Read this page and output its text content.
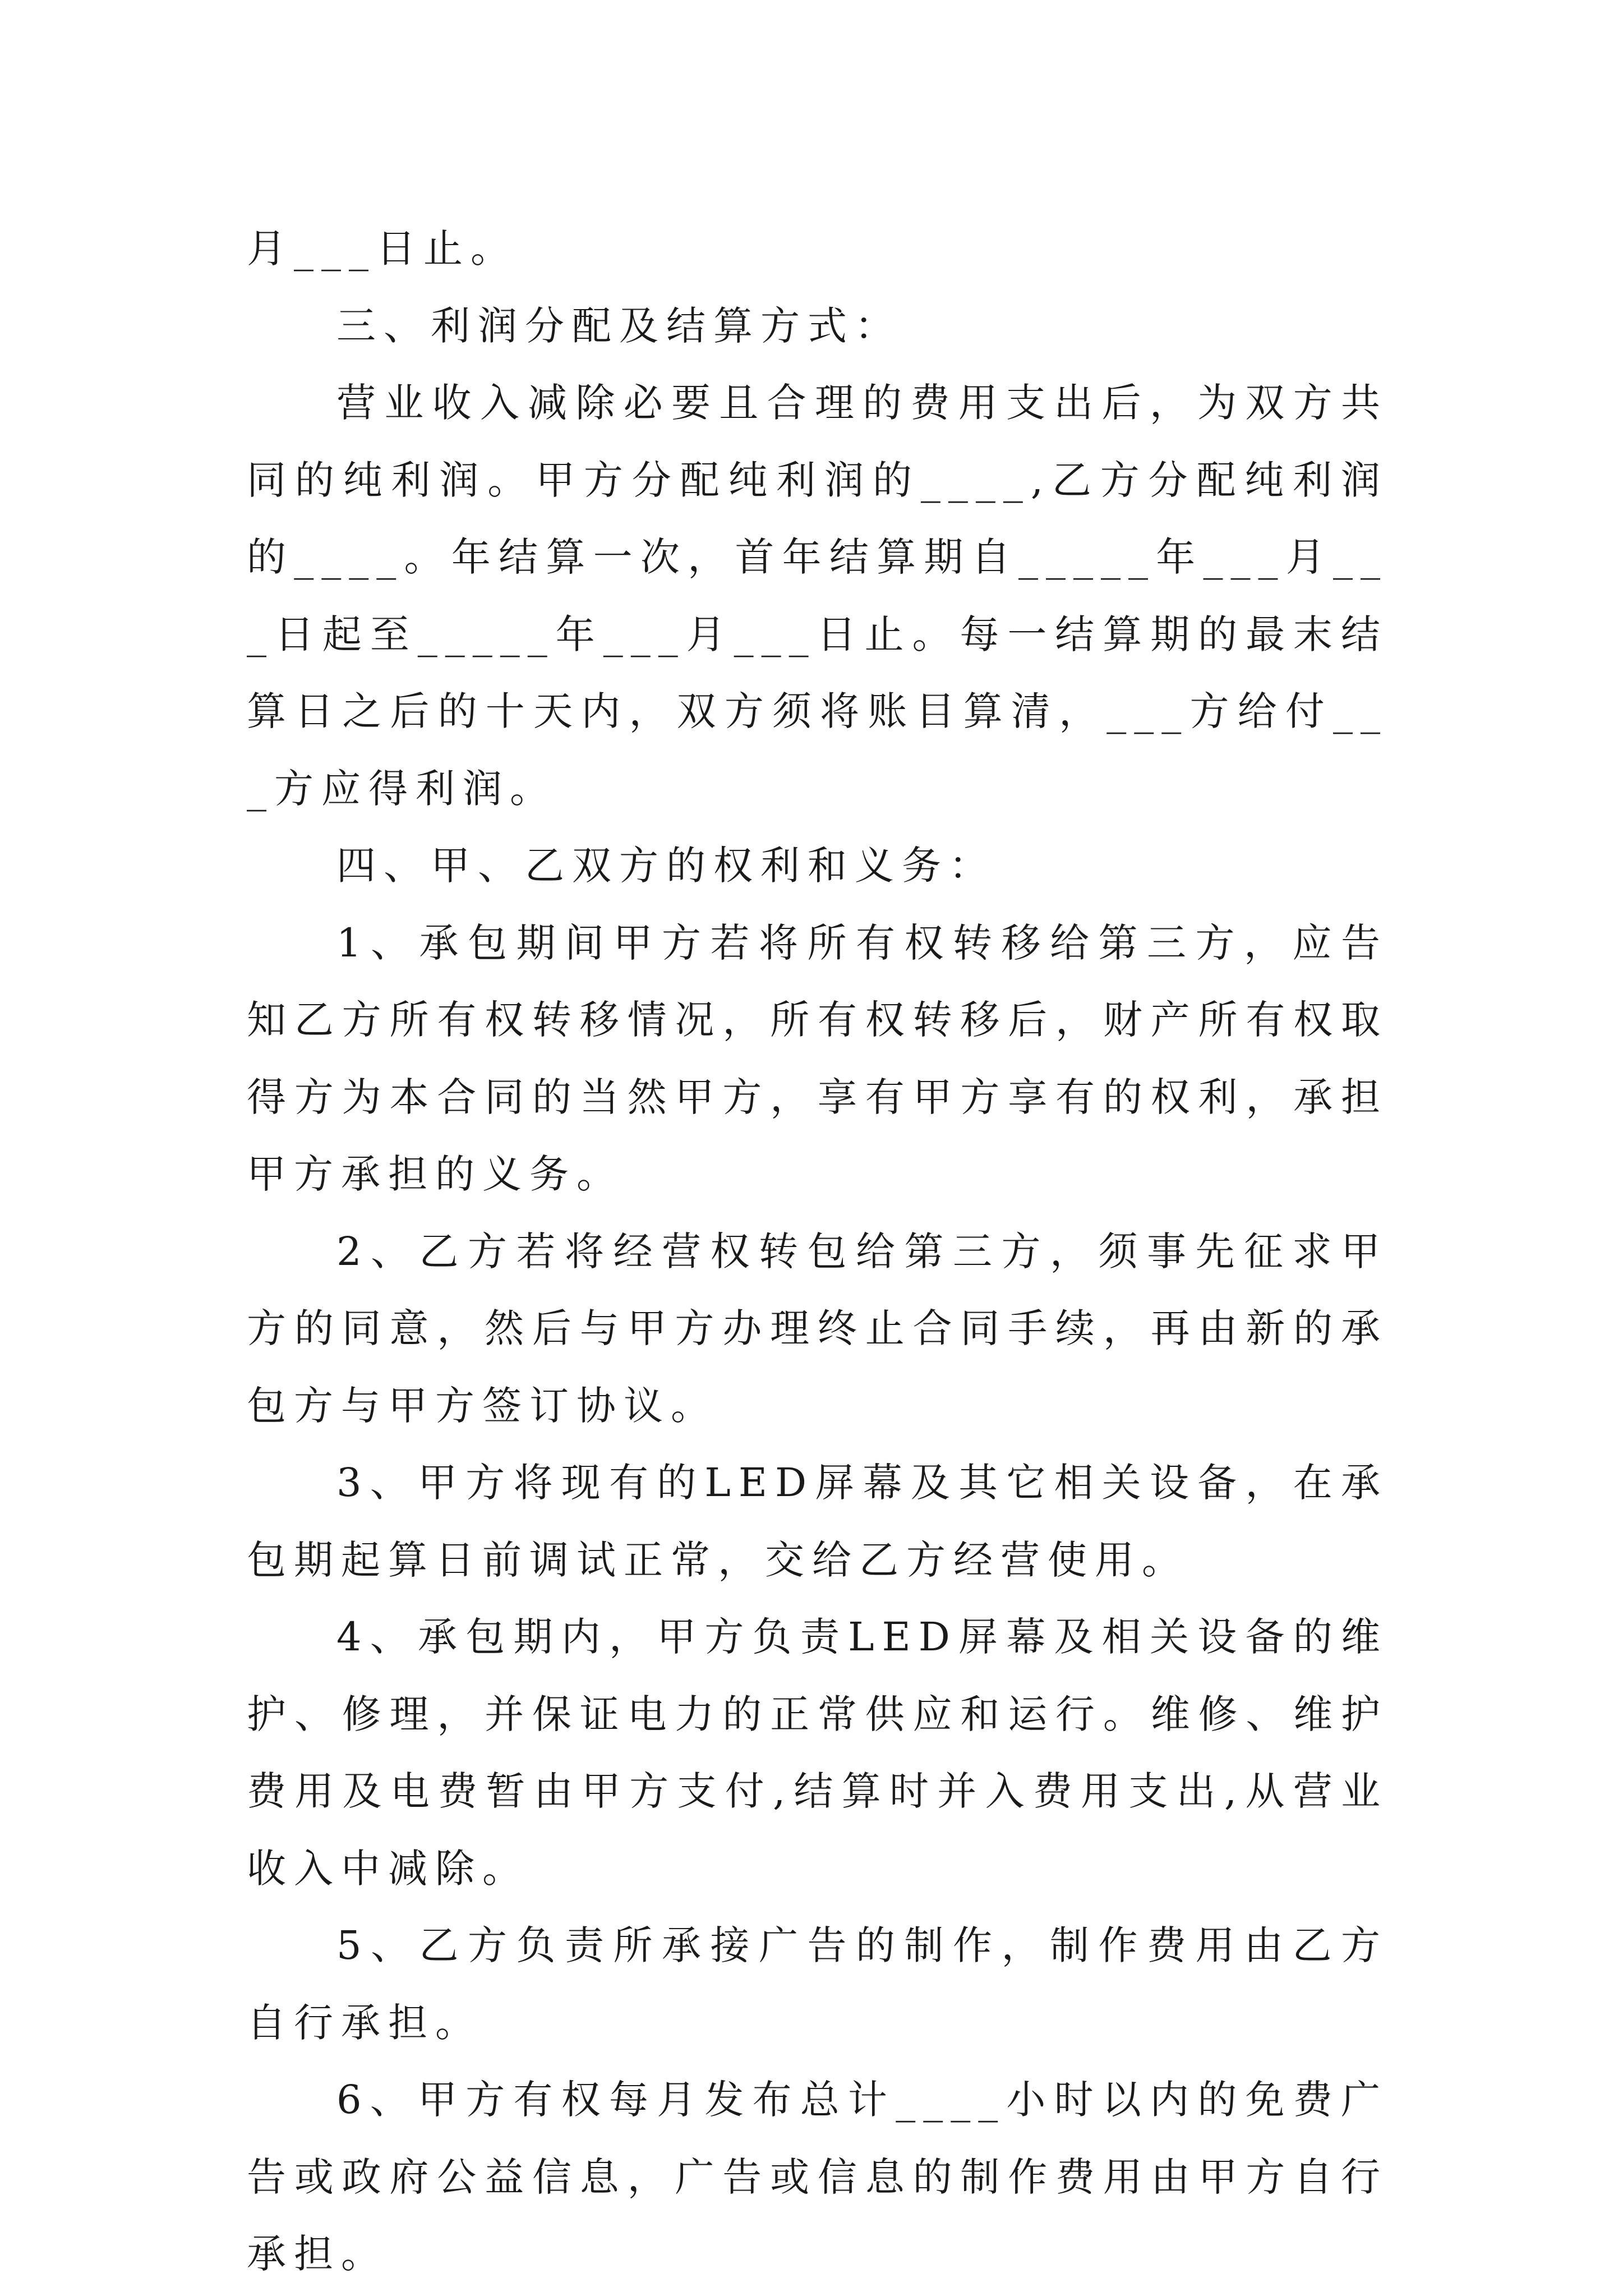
月___日止。

三、利润分配及结算方式：

营业收入减除必要且合理的费用支出后，为双方共同的纯利润。甲方分配纯利润的____,乙方分配纯利润的____。年结算一次，首年结算期自_____年___月___日起至_____年___月___日止。每一结算期的最末结算日之后的十天内，双方须将账目算清，___方给付___方应得利润。

四、甲、乙双方的权利和义务：

1、承包期间甲方若将所有权转移给第三方，应告知乙方所有权转移情况，所有权转移后，财产所有权取得方为本合同的当然甲方，享有甲方享有的权利，承担甲方承担的义务。

2、乙方若将经营权转包给第三方，须事先征求甲方的同意，然后与甲方办理终止合同手续，再由新的承包方与甲方签订协议。

3、甲方将现有的LED屏幕及其它相关设备，在承包期起算日前调试正常，交给乙方经营使用。

4、承包期内，甲方负责LED屏幕及相关设备的维护、修理，并保证电力的正常供应和运行。维修、维护费用及电费暂由甲方支付,结算时并入费用支出,从营业收入中减除。

5、乙方负责所承接广告的制作，制作费用由乙方自行承担。

6、甲方有权每月发布总计____小时以内的免费广告或政府公益信息，广告或信息的制作费用由甲方自行承担。
